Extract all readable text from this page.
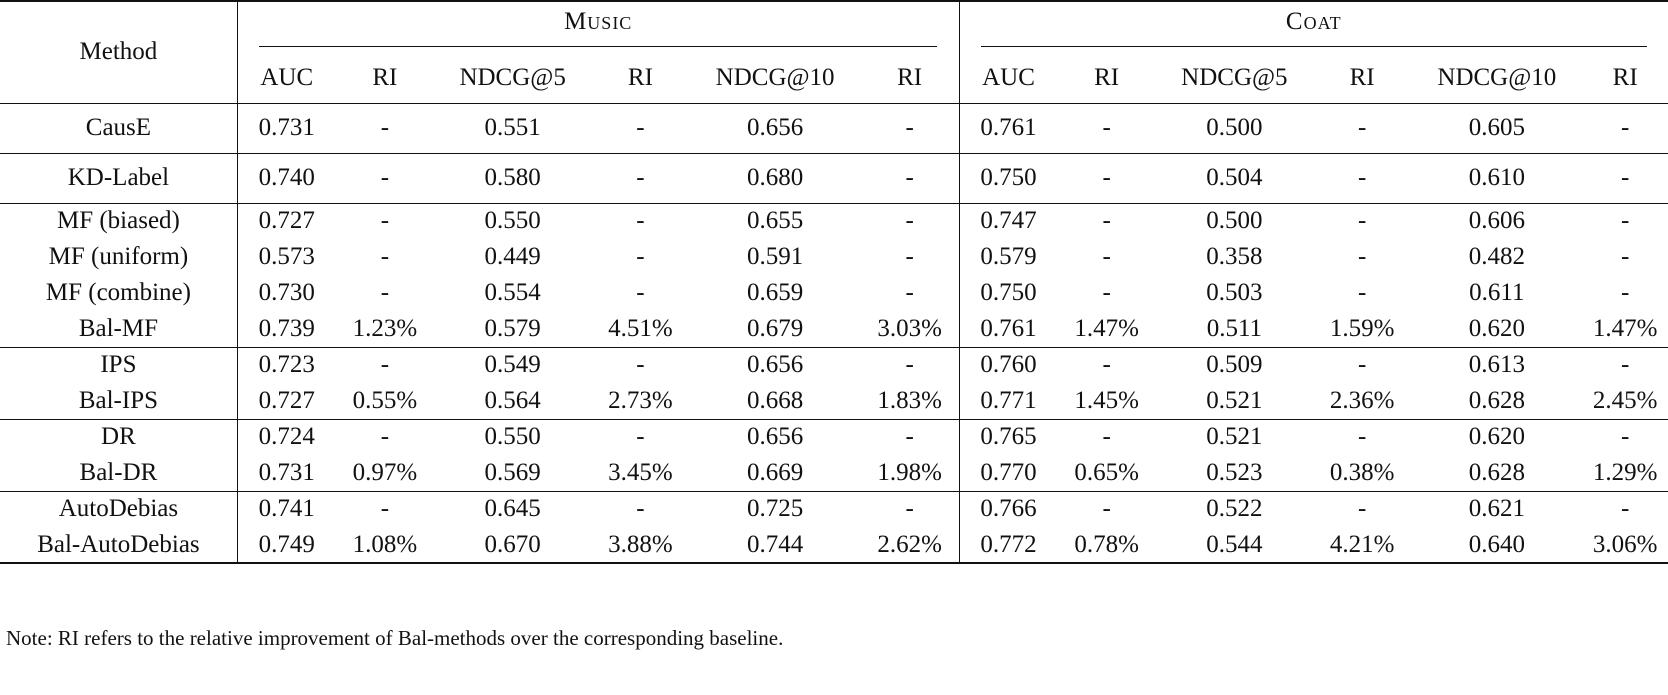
Method	Music						Coat					
	AUC	RI	NDCG@5	RI	NDCG@10	RI	AUC	RI	NDCG@5	RI	NDCG@10	RI
CausE	0.731	-	0.551	-	0.656	-	0.761	-	0.500	-	0.605	-
KD-Label	0.740	-	0.580	-	0.680	-	0.750	-	0.504	-	0.610	-
MF (biased)	0.727	-	0.550	-	0.655	-	0.747	-	0.500	-	0.606	-
MF (uniform)	0.573	-	0.449	-	0.591	-	0.579	-	0.358	-	0.482	-
MF (combine)	0.730	-	0.554	-	0.659	-	0.750	-	0.503	-	0.611	-
Bal-MF	0.739	1.23%	0.579	4.51%	0.679	3.03%	0.761	1.47%	0.511	1.59%	0.620	1.47%
IPS	0.723	-	0.549	-	0.656	-	0.760	-	0.509	-	0.613	-
Bal-IPS	0.727	0.55%	0.564	2.73%	0.668	1.83%	0.771	1.45%	0.521	2.36%	0.628	2.45%
DR	0.724	-	0.550	-	0.656	-	0.765	-	0.521	-	0.620	-
Bal-DR	0.731	0.97%	0.569	3.45%	0.669	1.98%	0.770	0.65%	0.523	0.38%	0.628	1.29%
AutoDebias	0.741	-	0.645	-	0.725	-	0.766	-	0.522	-	0.621	-
Bal-AutoDebias	0.749	1.08%	0.670	3.88%	0.744	2.62%	0.772	0.78%	0.544	4.21%	0.640	3.06%
Note: RI refers to the relative improvement of Bal-methods over the corresponding baseline.
